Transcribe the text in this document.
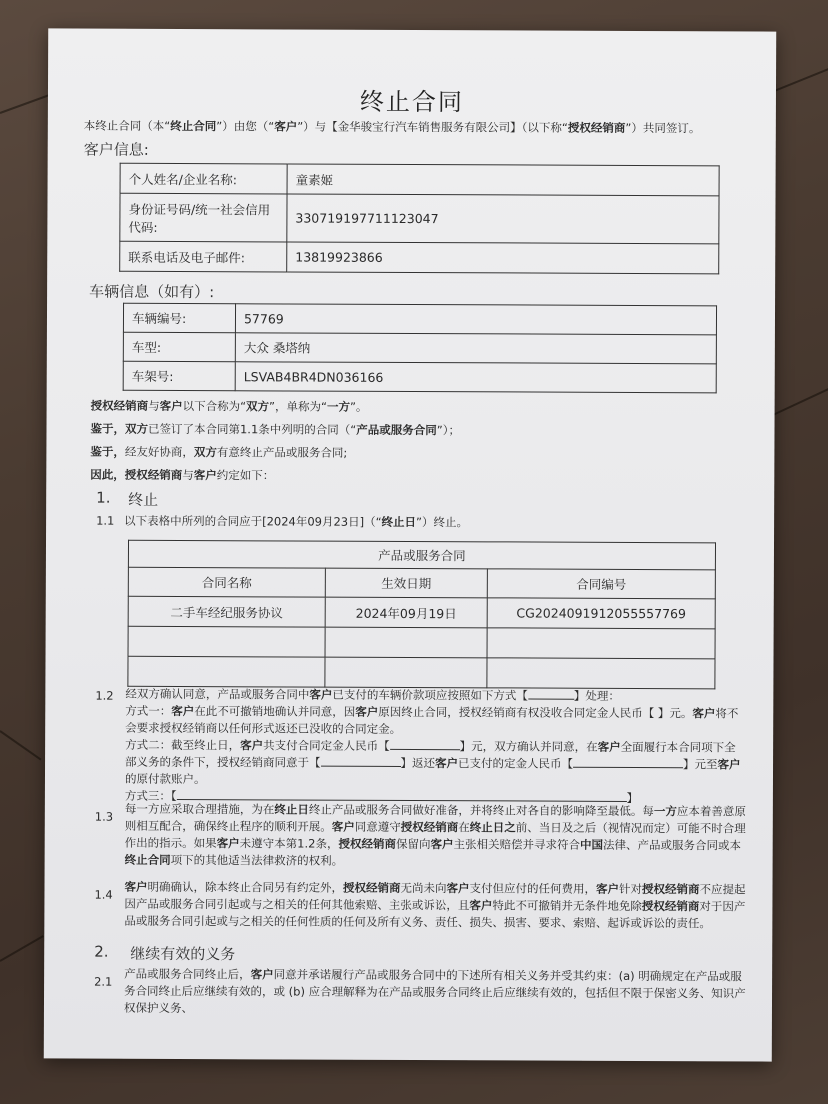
终止合同
本终止合同（本“终止合同”）由您（“客户”）与【金华骏宝行汽车销售服务有限公司】（以下称“授权经销商”）共同签订。
客户信息:
个人姓名/企业名称:	童素姬
身份证号码/统一社会信用代码:	330719197711123047
联系电话及电子邮件:	13819923866
车辆信息（如有）:
车辆编号:	57769
车型:	大众 桑塔纳
车架号:	LSVAB4BR4DN036166
授权经销商与客户以下合称为“双方”，单称为“一方”。
鉴于，双方已签订了本合同第1.1条中列明的合同（“产品或服务合同”）；
鉴于，经友好协商，双方有意终止产品或服务合同;
因此，授权经销商与客户约定如下：
1. 终止
1.1 以下表格中所列的合同应于[2024年09月23日]（“终止日”）终止。
产品或服务合同		
合同名称	生效日期	合同编号
二手车经纪服务协议	2024年09月19日	CG2024091912055557769

1.2 经双方确认同意，产品或服务合同中客户已支付的车辆价款项应按照如下方式【	】处理：
方式一：客户在此不可撤销地确认并同意，因客户原因终止合同，授权经销商有权没收合同定金人民币【 】元。客户将不会要求授权经销商以任何形式返还已没收的合同定金。
方式二：截至终止日，客户共支付合同定金人民币【	】元，双方确认并同意，在客户全面履行本合同项下全部义务的条件下，授权经销商同意于【	】返还客户已支付的定金人民币【	】元至客户的原付款账户。
方式三：【	】
1.3
每一方应采取合理措施，为在终止日终止产品或服务合同做好准备，并将终止对各自的影响降至最低。每一方应本着善意原则相互配合，确保终止程序的顺利开展。客户同意遵守授权经销商在终止日之前、当日及之后（视情况而定）可能不时合理作出的指示。如果客户未遵守本第1.2条，授权经销商保留向客户主张相关赔偿并寻求符合中国法律、产品或服务合同或本终止合同项下的其他适当法律救济的权利。
1.4
客户明确确认，除本终止合同另有约定外，授权经销商无尚未向客户支付但应付的任何费用，客户针对授权经销商不应提起因产品或服务合同引起或与之相关的任何其他索赔、主张或诉讼，且客户特此不可撤销并无条件地免除授权经销商对于因产品或服务合同引起或与之相关的任何性质的任何及所有义务、责任、损失、损害、要求、索赔、起诉或诉讼的责任。
2. 继续有效的义务
2.1
产品或服务合同终止后，客户同意并承诺履行产品或服务合同中的下述所有相关义务并受其约束：(a) 明确规定在产品或服务合同终止后应继续有效的，或 (b) 应合理解释为在产品或服务合同终止后应继续有效的，包括但不限于保密义务、知识产权保护义务、
